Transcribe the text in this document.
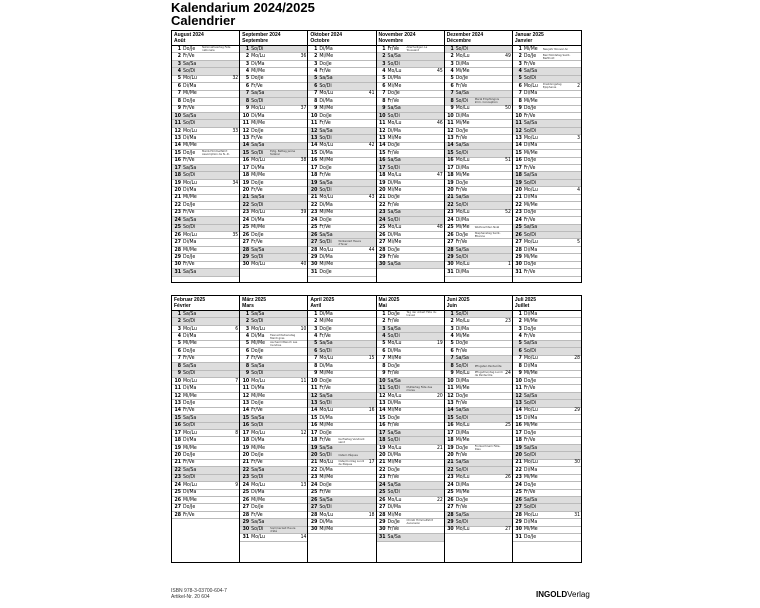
Kalendarium 2024/2025
Calendrier
August 2024
Août
1 Do/Je	Nationalfeiertag Fête nationale
2 Fr/Ve
3 Sa/Sa
4 So/Di
5 Mo/Lu	32
6 Di/Ma
7 Mi/Me
8 Do/Je
9 Fr/Ve
10 Sa/Sa
11 So/Di
12 Mo/Lu	33
13 Di/Ma
14 Mi/Me
15 Do/Je	Mariä Himmelfahrt Assomption de N.-D.
16 Fr/Ve
17 Sa/Sa
18 So/Di
19 Mo/Lu	34
20 Di/Ma
21 Mi/Me
22 Do/Je
23 Fr/Ve
24 Sa/Sa
25 So/Di
26 Mo/Lu	35
27 Di/Ma
28 Mi/Me
29 Do/Je
30 Fr/Ve
31 Sa/Sa
September 2024
Septembre
1 So/Di
2 Mo/Lu	36
3 Di/Ma
4 Mi/Me
5 Do/Je
6 Fr/Ve
7 Sa/Sa
8 So/Di
9 Mo/Lu	37
10 Di/Ma
11 Mi/Me
12 Do/Je
13 Fr/Ve
14 Sa/Sa
15 So/Di	Eidg. Bettag Jeûne fédéral
16 Mo/Lu	38
17 Di/Ma
18 Mi/Me
19 Do/Je
20 Fr/Ve
21 Sa/Sa
22 So/Di
23 Mo/Lu	39
24 Di/Ma
25 Mi/Me
26 Do/Je
27 Fr/Ve
28 Sa/Sa
29 So/Di
30 Mo/Lu	40
Oktober 2024
Octobre
1 Di/Ma
2 Mi/Me
3 Do/Je
4 Fr/Ve
5 Sa/Sa
6 So/Di
7 Mo/Lu	41
8 Di/Ma
9 Mi/Me
10 Do/Je
11 Fr/Ve
12 Sa/Sa
13 So/Di
14 Mo/Lu	42
15 Di/Ma
16 Mi/Me
17 Do/Je
18 Fr/Ve
19 Sa/Sa
20 So/Di
21 Mo/Lu	43
22 Di/Ma
23 Mi/Me
24 Do/Je
25 Fr/Ve
26 Sa/Sa
27 So/Di	Winterzeit Heure d'hiver
28 Mo/Lu	44
29 Di/Ma
30 Mi/Me
31 Do/Je
November 2024
Novembre
1 Fr/Ve	Allerheiligen La Toussaint
2 Sa/Sa
3 So/Di
4 Mo/Lu	45
5 Di/Ma
6 Mi/Me
7 Do/Je
8 Fr/Ve
9 Sa/Sa
10 So/Di
11 Mo/Lu	46
12 Di/Ma
13 Mi/Me
14 Do/Je
15 Fr/Ve
16 Sa/Sa
17 So/Di
18 Mo/Lu	47
19 Di/Ma
20 Mi/Me
21 Do/Je
22 Fr/Ve
23 Sa/Sa
24 So/Di
25 Mo/Lu	48
26 Di/Ma
27 Mi/Me
28 Do/Je
29 Fr/Ve
30 Sa/Sa
Dezember 2024
Décembre
1 So/Di
2 Mo/Lu	49
3 Di/Ma
4 Mi/Me
5 Do/Je
6 Fr/Ve
7 Sa/Sa
8 So/Di	Mariä Empfängnis Imm. Conception
9 Mo/Lu	50
10 Di/Ma
11 Mi/Me
12 Do/Je
13 Fr/Ve
14 Sa/Sa
15 So/Di
16 Mo/Lu	51
17 Di/Ma
18 Mi/Me
19 Do/Je
20 Fr/Ve
21 Sa/Sa
22 So/Di
23 Mo/Lu	52
24 Di/Ma
25 Mi/Me	Weihnachten Noël
26 Do/Je	Stephanstag Saint-Etienne
27 Fr/Ve
28 Sa/Sa
29 So/Di
30 Mo/Lu	1
31 Di/Ma
Januar 2025
Janvier
1 Mi/Me	Neujahr Nouvel An
2 Do/Je	Berchtoldstag Saint-Berthold
3 Fr/Ve
4 Sa/Sa
5 So/Di
6 Mo/Lu	Dreikönigstag Epiphanie	2
7 Di/Ma
8 Mi/Me
9 Do/Je
10 Fr/Ve
11 Sa/Sa
12 So/Di
13 Mo/Lu	3
14 Di/Ma
15 Mi/Me
16 Do/Je
17 Fr/Ve
18 Sa/Sa
19 So/Di
20 Mo/Lu	4
21 Di/Ma
22 Mi/Me
23 Do/Je
24 Fr/Ve
25 Sa/Sa
26 So/Di
27 Mo/Lu	5
28 Di/Ma
29 Mi/Me
30 Do/Je
31 Fr/Ve
Februar 2025
Février
1 Sa/Sa
2 So/Di
3 Mo/Lu	6
4 Di/Ma
5 Mi/Me
6 Do/Je
7 Fr/Ve
8 Sa/Sa
9 So/Di
10 Mo/Lu	7
11 Di/Ma
12 Mi/Me
13 Do/Je
14 Fr/Ve
15 Sa/Sa
16 So/Di
17 Mo/Lu	8
18 Di/Ma
19 Mi/Me
20 Do/Je
21 Fr/Ve
22 Sa/Sa
23 So/Di
24 Mo/Lu	9
25 Di/Ma
26 Mi/Me
27 Do/Je
28 Fr/Ve
März 2025
Mars
1 Sa/Sa
2 So/Di
3 Mo/Lu	10
4 Di/Ma	Fasnachtsdienstag Mardi gras
5 Mi/Me	Aschermittwoch Les Cendres
6 Do/Je
7 Fr/Ve
8 Sa/Sa
9 So/Di
10 Mo/Lu	11
11 Di/Ma
12 Mi/Me
13 Do/Je
14 Fr/Ve
15 Sa/Sa
16 So/Di
17 Mo/Lu	12
18 Di/Ma
19 Mi/Me
20 Do/Je
21 Fr/Ve
22 Sa/Sa
23 So/Di
24 Mo/Lu	13
25 Di/Ma
26 Mi/Me
27 Do/Je
28 Fr/Ve
29 Sa/Sa
30 So/Di	Sommerzeit Heure d'été
31 Mo/Lu	14
April 2025
Avril
1 Di/Ma
2 Mi/Me
3 Do/Je
4 Fr/Ve
5 Sa/Sa
6 So/Di
7 Mo/Lu	15
8 Di/Ma
9 Mi/Me
10 Do/Je
11 Fr/Ve
12 Sa/Sa
13 So/Di
14 Mo/Lu	16
15 Di/Ma
16 Mi/Me
17 Do/Je
18 Fr/Ve	Karfreitag Vendredi saint
19 Sa/Sa
20 So/Di	Ostern Pâques
21 Mo/Lu	Ostermontag Lundi de Pâques	17
22 Di/Ma
23 Mi/Me
24 Do/Je
25 Fr/Ve
26 Sa/Sa
27 So/Di
28 Mo/Lu	18
29 Di/Ma
30 Mi/Me
Mai 2025
Mai
1 Do/Je	Tag der Arbeit Fête du travail
2 Fr/Ve
3 Sa/Sa
4 So/Di
5 Mo/Lu	19
6 Di/Ma
7 Mi/Me
8 Do/Je
9 Fr/Ve
10 Sa/Sa
11 So/Di	Muttertag Fête des mères
12 Mo/Lu	20
13 Di/Ma
14 Mi/Me
15 Do/Je
16 Fr/Ve
17 Sa/Sa
18 So/Di
19 Mo/Lu	21
20 Di/Ma
21 Mi/Me
22 Do/Je
23 Fr/Ve
24 Sa/Sa
25 So/Di
26 Mo/Lu	22
27 Di/Ma
28 Mi/Me
29 Do/Je	Christi Himmelfahrt Ascension
30 Fr/Ve
31 Sa/Sa
Juni 2025
Juin
1 So/Di
2 Mo/Lu	23
3 Di/Ma
4 Mi/Me
5 Do/Je
6 Fr/Ve
7 Sa/Sa
8 So/Di	Pfingsten Pentecôte
9 Mo/Lu	Pfingstmontag Lundi de Pentecôte	24
10 Di/Ma
11 Mi/Me
12 Do/Je
13 Fr/Ve
14 Sa/Sa
15 So/Di
16 Mo/Lu	25
17 Di/Ma
18 Mi/Me
19 Do/Je	Fronleichnam Fête-Dieu
20 Fr/Ve
21 Sa/Sa
22 So/Di
23 Mo/Lu	26
24 Di/Ma
25 Mi/Me
26 Do/Je
27 Fr/Ve
28 Sa/Sa
29 So/Di
30 Mo/Lu	27
Juli 2025
Juillet
1 Di/Ma
2 Mi/Me
3 Do/Je
4 Fr/Ve
5 Sa/Sa
6 So/Di
7 Mo/Lu	28
8 Di/Ma
9 Mi/Me
10 Do/Je
11 Fr/Ve
12 Sa/Sa
13 So/Di
14 Mo/Lu	29
15 Di/Ma
16 Mi/Me
17 Do/Je
18 Fr/Ve
19 Sa/Sa
20 So/Di
21 Mo/Lu	30
22 Di/Ma
23 Mi/Me
24 Do/Je
25 Fr/Ve
26 Sa/Sa
27 So/Di
28 Mo/Lu	31
29 Di/Ma
30 Mi/Me
31 Do/Je
ISBN 978-3-03700-604-7
Artikel-Nr. 20 604	INGOLDVerlag
